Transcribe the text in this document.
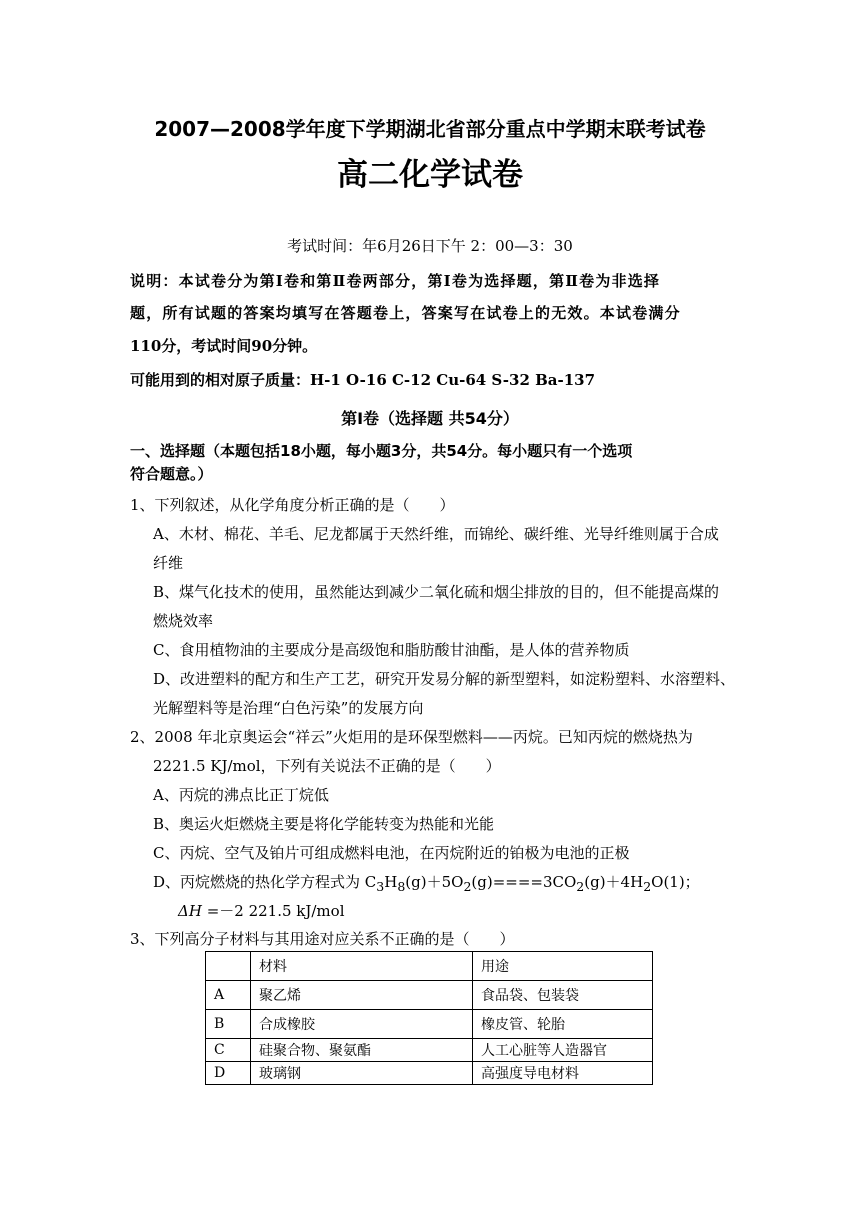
2007—2008学年度下学期湖北省部分重点中学期末联考试卷
高二化学试卷
考试时间：年6月26日下午 2：00—3：30
说明：本试卷分为第Ⅰ卷和第Ⅱ卷两部分，第Ⅰ卷为选择题，第Ⅱ卷为非选择
题，所有试题的答案均填写在答题卷上，答案写在试卷上的无效。本试卷满分
110分，考试时间90分钟。
可能用到的相对原子质量：H-1 O-16 C-12 Cu-64 S-32 Ba-137
第Ⅰ卷（选择题 共54分）
一、选择题（本题包括18小题，每小题3分，共54分。每小题只有一个选项
符合题意。）
1、下列叙述，从化学角度分析正确的是（　　）
A、木材、棉花、羊毛、尼龙都属于天然纤维，而锦纶、碳纤维、光导纤维则属于合成
纤维
B、煤气化技术的使用，虽然能达到减少二氧化硫和烟尘排放的目的，但不能提高煤的
燃烧效率
C、食用植物油的主要成分是高级饱和脂肪酸甘油酯，是人体的营养物质
D、改进塑料的配方和生产工艺，研究开发易分解的新型塑料，如淀粉塑料、水溶塑料、
光解塑料等是治理“白色污染”的发展方向
2、2008 年北京奥运会“祥云”火炬用的是环保型燃料——丙烷。已知丙烷的燃烧热为
2221.5 KJ/mol，下列有关说法不正确的是（　　）
A、丙烷的沸点比正丁烷低
B、奥运火炬燃烧主要是将化学能转变为热能和光能
C、丙烷、空气及铂片可组成燃料电池，在丙烷附近的铂极为电池的正极
D、丙烷燃烧的热化学方程式为 $C_3H_8(g)+5O_2(g)====3CO_2(g)+4H_2O(1)$；
ΔH =－2 221.5 kJ/mol
3、下列高分子材料与其用途对应关系不正确的是（　　）
	材料	用途
A	聚乙烯	食品袋、包装袋
B	合成橡胶	橡皮管、轮胎
C	硅聚合物、聚氨酯	人工心脏等人造器官
D	玻璃钢	高强度导电材料
